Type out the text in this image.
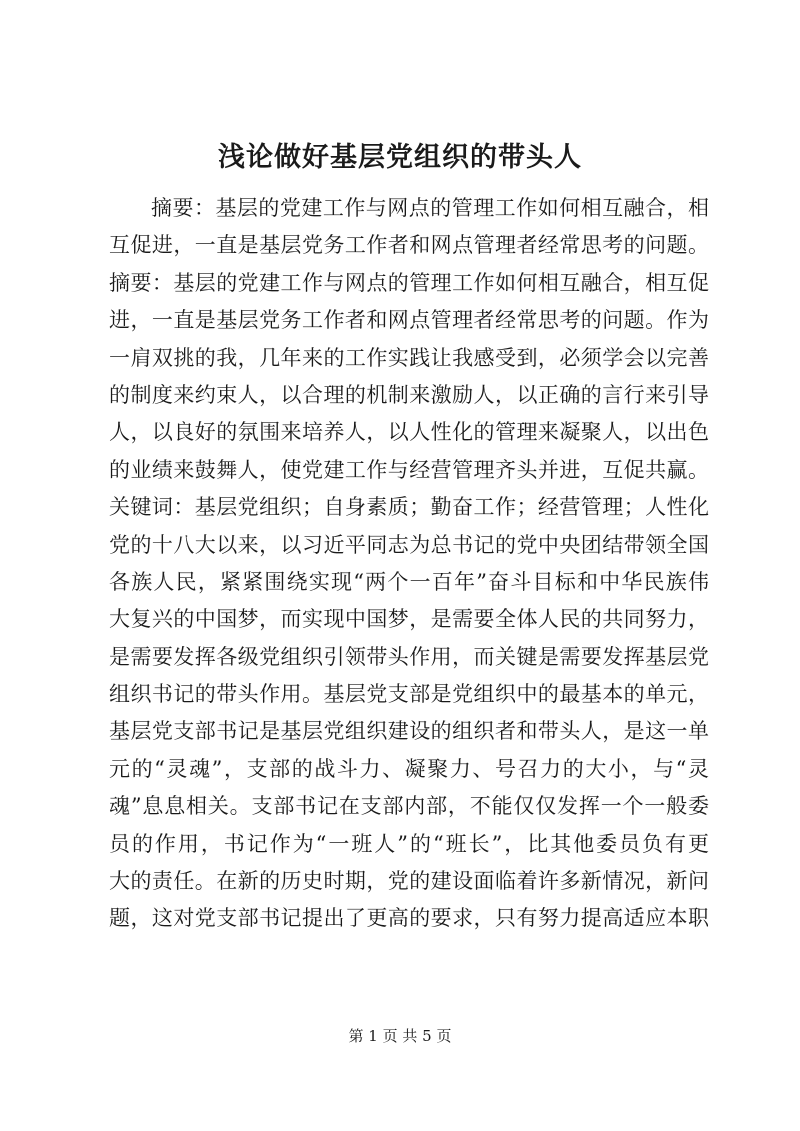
浅论做好基层党组织的带头人
摘要：基层的党建工作与网点的管理工作如何相互融合，相
互促进，一直是基层党务工作者和网点管理者经常思考的问题。
摘要：基层的党建工作与网点的管理工作如何相互融合，相互促
进，一直是基层党务工作者和网点管理者经常思考的问题。作为
一肩双挑的我，几年来的工作实践让我感受到，必须学会以完善
的制度来约束人，以合理的机制来激励人，以正确的言行来引导
人，以良好的氛围来培养人，以人性化的管理来凝聚人，以出色
的业绩来鼓舞人，使党建工作与经营管理齐头并进，互促共赢。
关键词：基层党组织；自身素质；勤奋工作；经营管理；人性化
党的十八大以来，以习近平同志为总书记的党中央团结带领全国
各族人民，紧紧围绕实现“两个一百年”奋斗目标和中华民族伟
大复兴的中国梦，而实现中国梦，是需要全体人民的共同努力，
是需要发挥各级党组织引领带头作用，而关键是需要发挥基层党
组织书记的带头作用。基层党支部是党组织中的最基本的单元，
基层党支部书记是基层党组织建设的组织者和带头人，是这一单
元的“灵魂”，支部的战斗力、凝聚力、号召力的大小，与“灵
魂”息息相关。支部书记在支部内部，不能仅仅发挥一个一般委
员的作用，书记作为“一班人”的“班长”，比其他委员负有更
大的责任。在新的历史时期，党的建设面临着许多新情况，新问
题，这对党支部书记提出了更高的要求，只有努力提高适应本职
第 1 页 共 5 页
